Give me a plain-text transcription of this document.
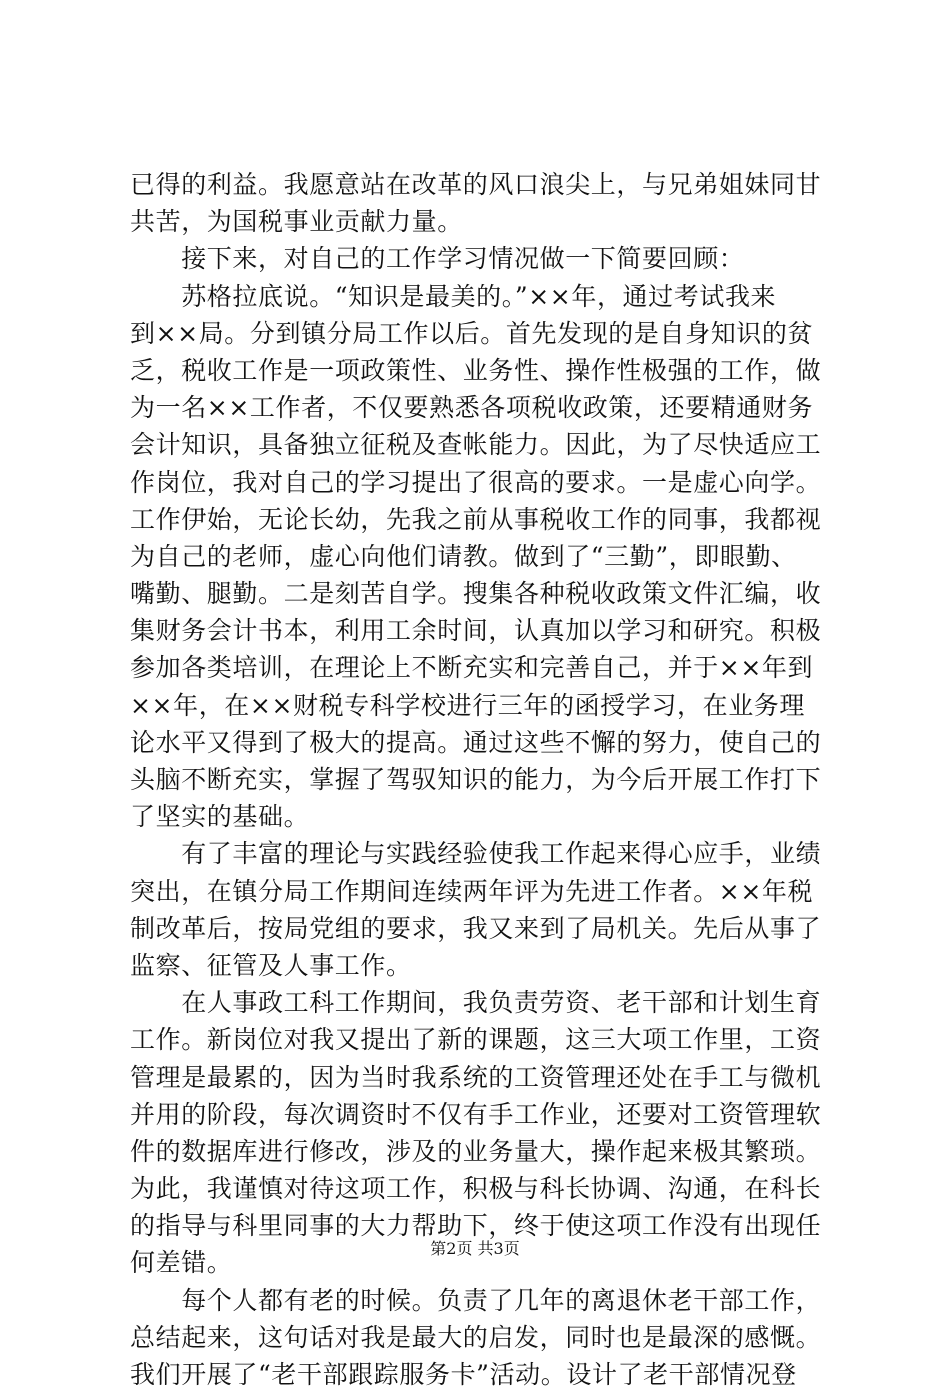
已得的利益。我愿意站在改革的风口浪尖上，与兄弟姐妹同甘
共苦，为国税事业贡献力量。
　　接下来，对自己的工作学习情况做一下简要回顾：
　　苏格拉底说。“知识是最美的。”××年，通过考试我来
到××局。分到镇分局工作以后。首先发现的是自身知识的贫
乏，税收工作是一项政策性、业务性、操作性极强的工作，做
为一名××工作者，不仅要熟悉各项税收政策，还要精通财务
会计知识，具备独立征税及查帐能力。因此，为了尽快适应工
作岗位，我对自己的学习提出了很高的要求。一是虚心向学。
工作伊始，无论长幼，先我之前从事税收工作的同事，我都视
为自己的老师，虚心向他们请教。做到了“三勤”，即眼勤、
嘴勤、腿勤。二是刻苦自学。搜集各种税收政策文件汇编，收
集财务会计书本，利用工余时间，认真加以学习和研究。积极
参加各类培训，在理论上不断充实和完善自己，并于××年到
××年，在××财税专科学校进行三年的函授学习，在业务理
论水平又得到了极大的提高。通过这些不懈的努力，使自己的
头脑不断充实，掌握了驾驭知识的能力，为今后开展工作打下
了坚实的基础。
　　有了丰富的理论与实践经验使我工作起来得心应手，业绩
突出，在镇分局工作期间连续两年评为先进工作者。××年税
制改革后，按局党组的要求，我又来到了局机关。先后从事了
监察、征管及人事工作。
　　在人事政工科工作期间，我负责劳资、老干部和计划生育
工作。新岗位对我又提出了新的课题，这三大项工作里，工资
管理是最累的，因为当时我系统的工资管理还处在手工与微机
并用的阶段，每次调资时不仅有手工作业，还要对工资管理软
件的数据库进行修改，涉及的业务量大，操作起来极其繁琐。
为此，我谨慎对待这项工作，积极与科长协调、沟通，在科长
的指导与科里同事的大力帮助下，终于使这项工作没有出现任
何差错。
　　每个人都有老的时候。负责了几年的离退休老干部工作，
总结起来，这句话对我是最大的启发，同时也是最深的感慨。
我们开展了“老干部跟踪服务卡”活动。设计了老干部情况登
第2页 共3页
